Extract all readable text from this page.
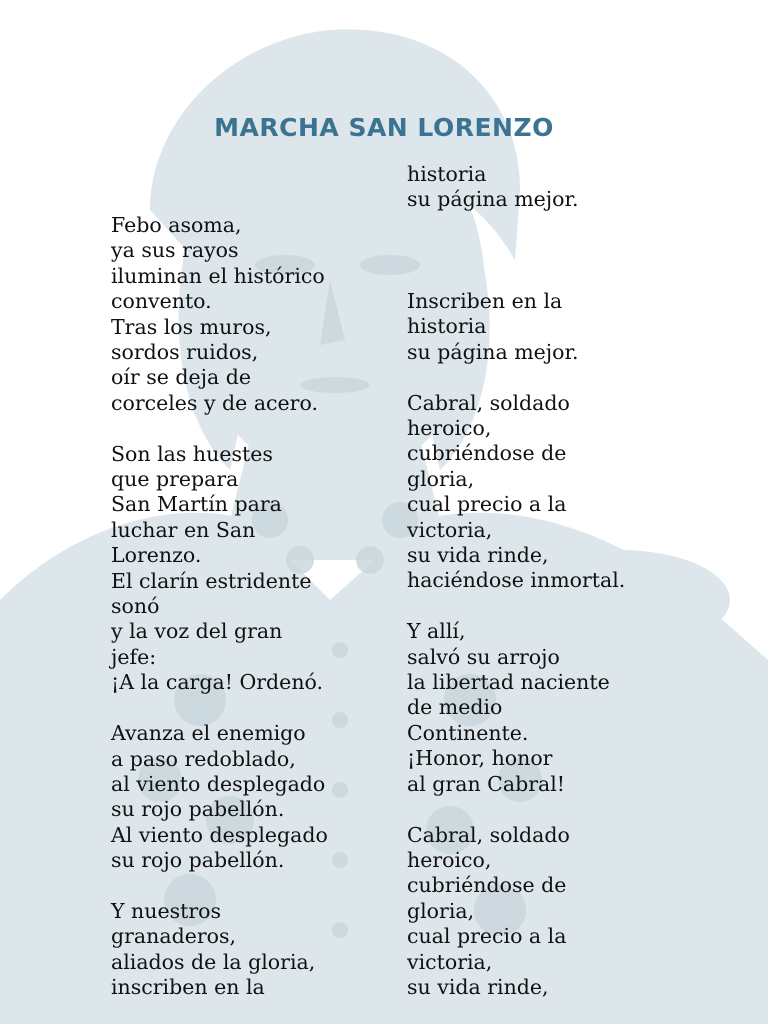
MARCHA SAN LORENZO
Febo asoma,
ya sus rayos
iluminan el histórico
convento.
Tras los muros,
sordos ruidos,
oír se deja de
corceles y de acero.
Son las huestes
que prepara
San Martín para
luchar en San
Lorenzo.
El clarín estridente
sonó
y la voz del gran
jefe:
¡A la carga! Ordenó.
Avanza el enemigo
a paso redoblado,
al viento desplegado
su rojo pabellón.
Al viento desplegado
su rojo pabellón.
Y nuestros
granaderos,
aliados de la gloria,
inscriben en la
historia
su página mejor.

Inscriben en la
historia
su página mejor.
Cabral, soldado
heroico,
cubriéndose de
gloria,
cual precio a la
victoria,
su vida rinde,
haciéndose inmortal.
Y allí,
salvó su arrojo
la libertad naciente
de medio
Continente.
¡Honor, honor
al gran Cabral!
Cabral, soldado
heroico,
cubriéndose de
gloria,
cual precio a la
victoria,
su vida rinde,
